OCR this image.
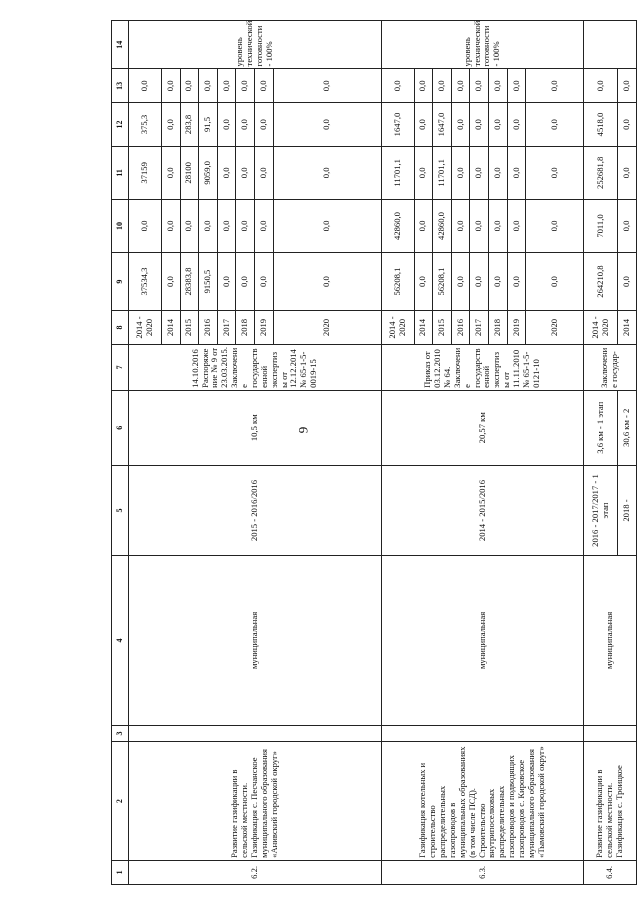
9
1	2	3	4	5	6	7	8	9	10	11	12	13	14
6.2.	Развитие газификации в сельской местности. Газификация с. Песчанское муниципального образования «Анивский городской округ»		муниципальная	2015 - 2016/2016	10,5 км	14.10.2016 Распоряжение № 9 от 23.03.2015. Заключение государственной экспертизы от 12.12.2014 № 65-1-5-0019-15	2014 - 2020	37534,3	0,0	37159	375,3	0,0	уровень технической готовности - 100%
							2014	0,0	0,0	0,0	0,0	0,0	
							2015	28383,8	0,0	28100	283,8	0,0	
							2016	9150,5	0,0	9059,0	91,5	0,0	
							2017	0,0	0,0	0,0	0,0	0,0	
							2018	0,0	0,0	0,0	0,0	0,0	
							2019	0,0	0,0	0,0	0,0	0,0	
							2020	0,0	0,0	0,0	0,0	0,0	
6.3.	Газификация котельных и строительство распределительных газопроводов в муниципальных образованиях (в том числе ПСД). Строительство внутрипоселковых распределительных газопроводов и подводящих газопроводов с. Кировское муниципального образования «Тымовский городской округ»		муниципальная	2014 - 2015/2016	20,57 км	Приказ от 03.12.2010 № 64. Заключение государственной экспертизы от 11.11.2010 № 65-1-5-0121-10	2014 - 2020	56208,1	42860,0	11701,1	1647,0	0,0	уровень технической готовности - 100%
							2014	0,0	0,0	0,0	0,0	0,0	
							2015	56208,1	42860,0	11701,1	1647,0	0,0	
							2016	0,0	0,0	0,0	0,0	0,0	
							2017	0,0	0,0	0,0	0,0	0,0	
							2018	0,0	0,0	0,0	0,0	0,0	
							2019	0,0	0,0	0,0	0,0	0,0	
							2020	0,0	0,0	0,0	0,0	0,0	
6.4.	Развитие газификации в сельской местности. Газификация с. Троицкое		муниципальная	2016 - 2017/2017 - 1 этап	3,6 км - 1 этап	Заключение государ-	2014 - 2020	264210,8	7011,0	252681,8	4518,0	0,0	
				2018 -	30,6 км - 2		2014	0,0	0,0	0,0	0,0	0,0	
